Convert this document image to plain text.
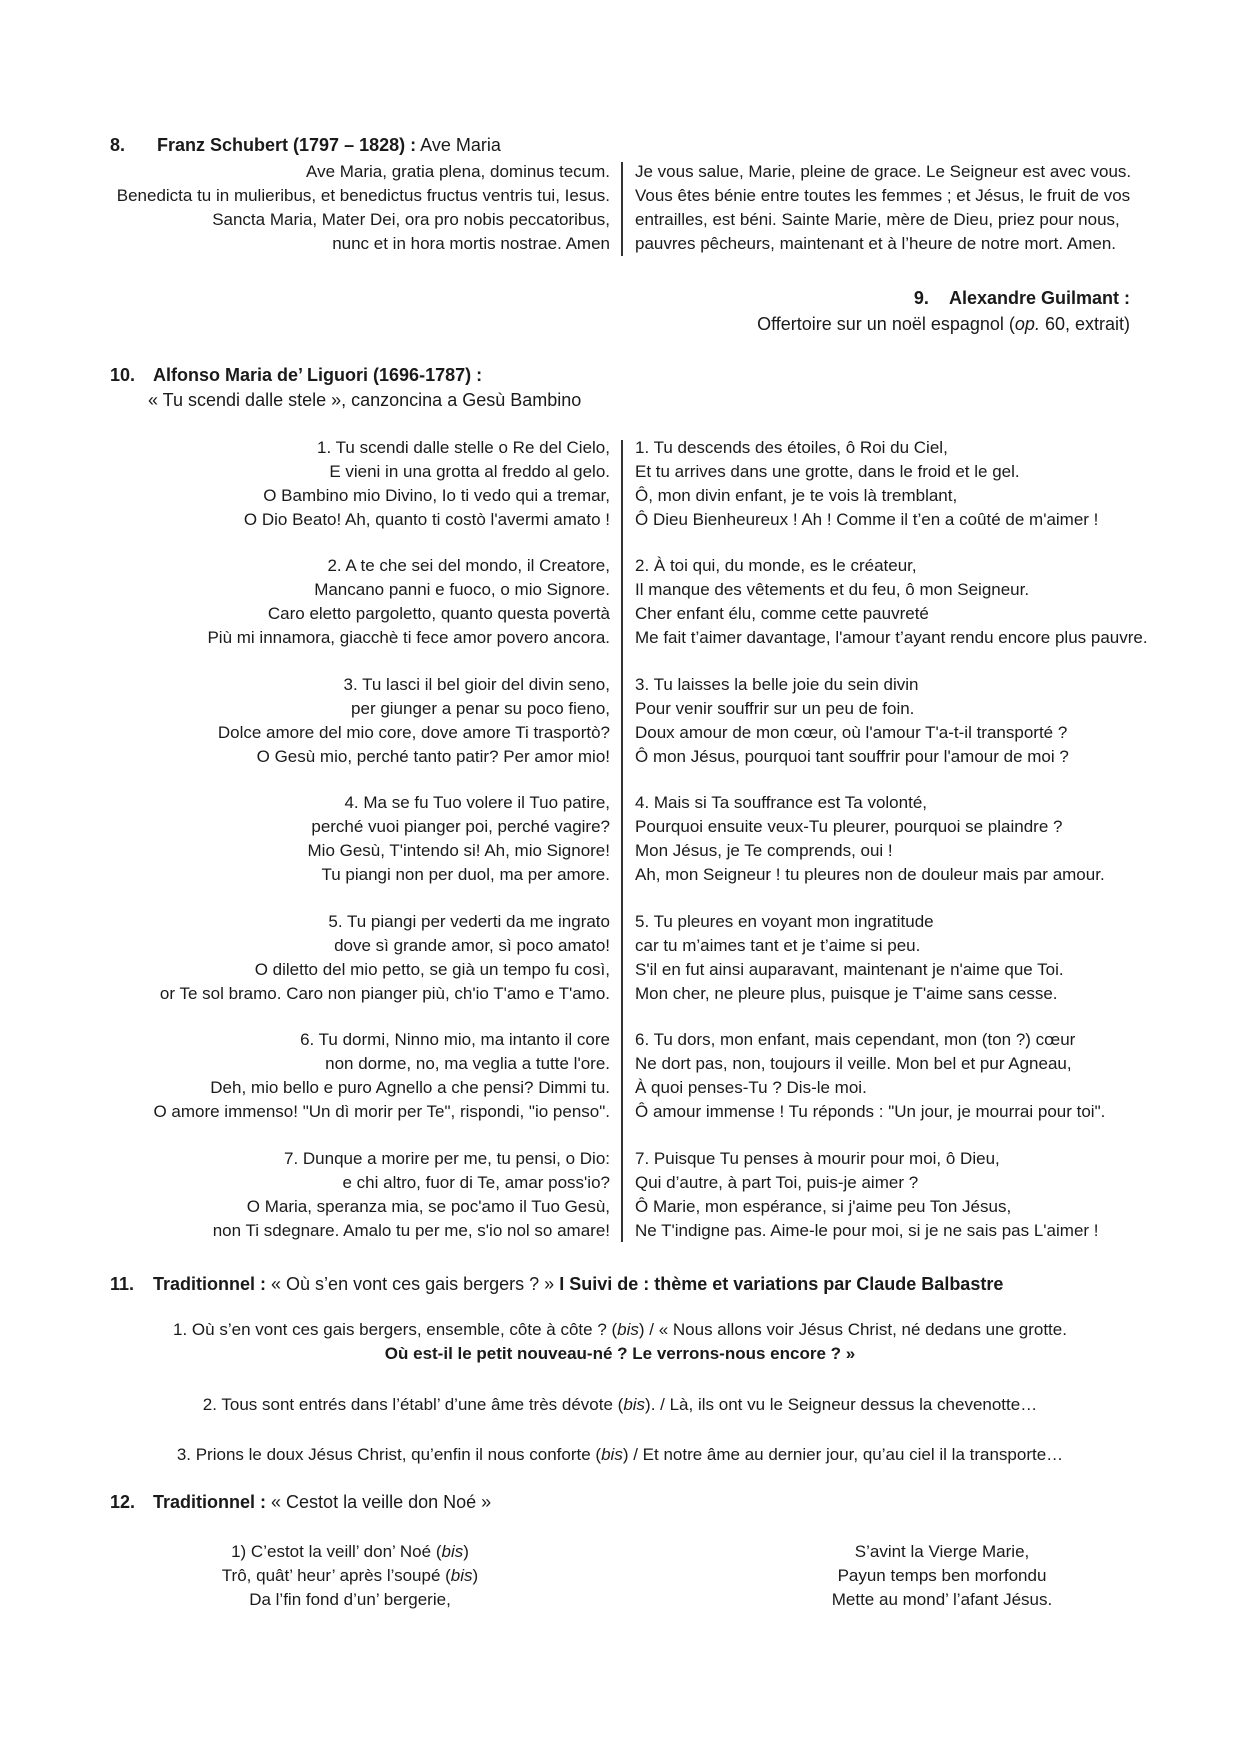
8. Franz Schubert (1797 – 1828) : Ave Maria
Ave Maria, gratia plena, dominus tecum.
Benedicta tu in mulieribus, et benedictus fructus ventris tui, Iesus.
Sancta Maria, Mater Dei, ora pro nobis peccatoribus,
nunc et in hora mortis nostrae. Amen
Je vous salue, Marie, pleine de grace. Le Seigneur est avec vous.
Vous êtes bénie entre toutes les femmes ; et Jésus, le fruit de vos
entrailles, est béni. Sainte Marie, mère de Dieu, priez pour nous,
pauvres pêcheurs, maintenant et à l’heure de notre mort. Amen.
9. Alexandre Guilmant :
Offertoire sur un noël espagnol (op. 60, extrait)
10. Alfonso Maria de’ Liguori (1696-1787) :
« Tu scendi dalle stele », canzoncina a Gesù Bambino
1. Tu scendi dalle stelle o Re del Cielo,
E vieni in una grotta al freddo al gelo.
O Bambino mio Divino, Io ti vedo qui a tremar,
O Dio Beato! Ah, quanto ti costò l'avermi amato !
1. Tu descends des étoiles, ô Roi du Ciel,
Et tu arrives dans une grotte, dans le froid et le gel.
Ô, mon divin enfant, je te vois là tremblant,
Ô Dieu Bienheureux ! Ah ! Comme il t’en a coûté de m'aimer !
2. A te che sei del mondo, il Creatore,
Mancano panni e fuoco, o mio Signore.
Caro eletto pargoletto, quanto questa povertà
Più mi innamora, giacchè ti fece amor povero ancora.
2. À toi qui, du monde, es le créateur,
Il manque des vêtements et du feu, ô mon Seigneur.
Cher enfant élu, comme cette pauvreté
Me fait t’aimer davantage, l'amour t’ayant rendu encore plus pauvre.
3. Tu lasci il bel gioir del divin seno,
per giunger a penar su poco fieno,
Dolce amore del mio core, dove amore Ti trasportò?
O Gesù mio, perché tanto patir? Per amor mio!
3. Tu laisses la belle joie du sein divin
Pour venir souffrir sur un peu de foin.
Doux amour de mon cœur, où l'amour T'a-t-il transporté ?
Ô mon Jésus, pourquoi tant souffrir pour l'amour de moi ?
4. Ma se fu Tuo volere il Tuo patire,
perché vuoi pianger poi, perché vagire?
Mio Gesù, T'intendo si! Ah, mio Signore!
Tu piangi non per duol, ma per amore.
4. Mais si Ta souffrance est Ta volonté,
Pourquoi ensuite veux-Tu pleurer, pourquoi se plaindre ?
Mon Jésus, je Te comprends, oui !
Ah, mon Seigneur ! tu pleures non de douleur mais par amour.
5. Tu piangi per vederti da me ingrato
dove sì grande amor, sì poco amato!
O diletto del mio petto, se già un tempo fu così,
or Te sol bramo. Caro non pianger più, ch'io T'amo e T'amo.
5. Tu pleures en voyant mon ingratitude
car tu m’aimes tant et je t’aime si peu.
S'il en fut ainsi auparavant, maintenant je n'aime que Toi.
Mon cher, ne pleure plus, puisque je T'aime sans cesse.
6. Tu dormi, Ninno mio, ma intanto il core
non dorme, no, ma veglia a tutte l'ore.
Deh, mio bello e puro Agnello a che pensi? Dimmi tu.
O amore immenso! "Un dì morir per Te", rispondi, "io penso".
6. Tu dors, mon enfant, mais cependant, mon (ton ?) cœur
Ne dort pas, non, toujours il veille. Mon bel et pur Agneau,
À quoi penses-Tu ? Dis-le moi.
Ô amour immense ! Tu réponds : "Un jour, je mourrai pour toi".
7. Dunque a morire per me, tu pensi, o Dio:
e chi altro, fuor di Te, amar poss'io?
O Maria, speranza mia, se poc'amo il Tuo Gesù,
non Ti sdegnare. Amalo tu per me, s'io nol so amare!
7. Puisque Tu penses à mourir pour moi, ô Dieu,
Qui d’autre, à part Toi, puis-je aimer ?
Ô Marie, mon espérance, si j'aime peu Ton Jésus,
Ne T'indigne pas. Aime-le pour moi, si je ne sais pas L'aimer !
11. Traditionnel : « Où s’en vont ces gais bergers ? » I Suivi de : thème et variations par Claude Balbastre
1. Où s’en vont ces gais bergers, ensemble, côte à côte ? (bis) / « Nous allons voir Jésus Christ, né dedans une grotte.
Où est-il le petit nouveau-né ? Le verrons-nous encore ? »
2. Tous sont entrés dans l’établ’ d’une âme très dévote (bis). / Là, ils ont vu le Seigneur dessus la chevenotte…
3. Prions le doux Jésus Christ, qu’enfin il nous conforte (bis) / Et notre âme au dernier jour, qu’au ciel il la transporte…
12. Traditionnel : « Cestot la veille don Noé »
1) C’estot la veill’ don’ Noé (bis)
Trô, quât’ heur’ après l’soupé (bis)
Da l’fin fond d’un’ bergerie,
S’avint la Vierge Marie,
Payun temps ben morfondu
Mette au mond’ l’afant Jésus.
